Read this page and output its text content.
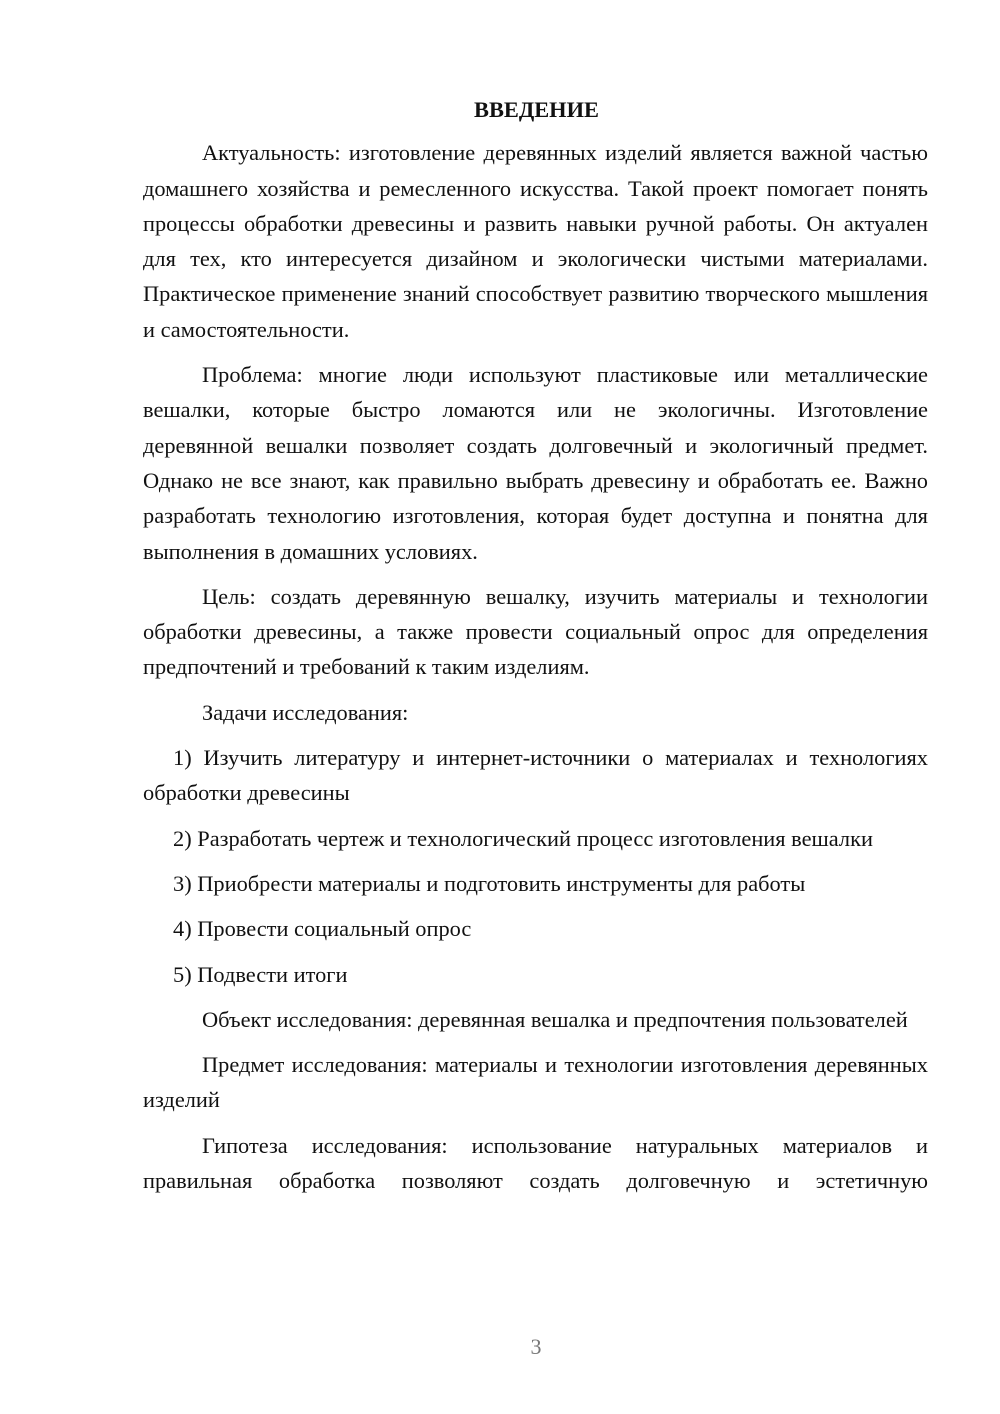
ВВЕДЕНИЕ

Актуальность: изготовление деревянных изделий является важной частью домашнего хозяйства и ремесленного искусства. Такой проект помогает понять процессы обработки древесины и развить навыки ручной работы. Он актуален для тех, кто интересуется дизайном и экологически чистыми материалами. Практическое применение знаний способствует развитию творческого мышления и самостоятельности.

Проблема: многие люди используют пластиковые или металлические вешалки, которые быстро ломаются или не экологичны. Изготовление деревянной вешалки позволяет создать долговечный и экологичный предмет. Однако не все знают, как правильно выбрать древесину и обработать ее. Важно разработать технологию изготовления, которая будет доступна и понятна для выполнения в домашних условиях.

Цель: создать деревянную вешалку, изучить материалы и технологии обработки древесины, а также провести социальный опрос для определения предпочтений и требований к таким изделиям.

Задачи исследования:

1) Изучить литературу и интернет-источники о материалах и технологиях обработки древесины

2) Разработать чертеж и технологический процесс изготовления вешалки

3) Приобрести материалы и подготовить инструменты для работы

4) Провести социальный опрос

5) Подвести итоги

Объект исследования: деревянная вешалка и предпочтения пользователей

Предмет исследования: материалы и технологии изготовления деревянных изделий

Гипотеза исследования: использование натуральных материалов и правильная обработка позволяют создать долговечную и эстетичную

3
